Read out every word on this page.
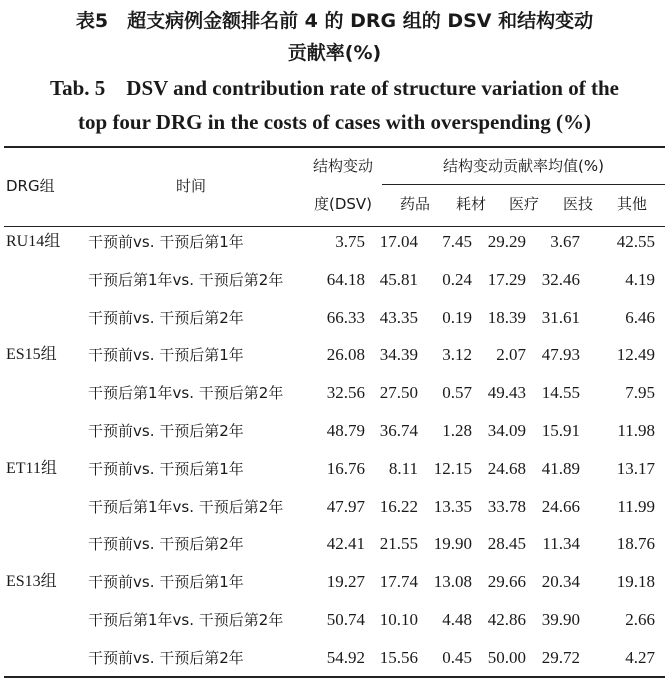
表5　超支病例金额排名前 4 的 DRG 组的 DSV 和结构变动
贡献率(%)
Tab. 5　DSV and contribution rate of structure variation of the
top four DRG in the costs of cases with overspending (%)
DRG组	时间
结构变动
度(DSV)
结构变动贡献率均值(%)
药品	耗材	医疗	医技	其他
RU14组 干预前vs. 干预后第1年	3.75 17.04	7.45 29.29	3.67	42.55
干预后第1年vs. 干预后第2年	64.18 45.81	0.24 17.29 32.46	4.19
干预前vs. 干预后第2年	66.33 43.35	0.19 18.39 31.61	6.46
ES15组 干预前vs. 干预后第1年	26.08 34.39	3.12	2.07 47.93	12.49
干预后第1年vs. 干预后第2年	32.56 27.50	0.57 49.43 14.55	7.95
干预前vs. 干预后第2年	48.79 36.74	1.28 34.09 15.91	11.98
ET11组 干预前vs. 干预后第1年	16.76	8.11 12.15 24.68 41.89	13.17
干预后第1年vs. 干预后第2年	47.97 16.22 13.35 33.78 24.66	11.99
干预前vs. 干预后第2年	42.41 21.55 19.90 28.45 11.34	18.76
ES13组 干预前vs. 干预后第1年	19.27 17.74 13.08 29.66 20.34	19.18
干预后第1年vs. 干预后第2年	50.74 10.10	4.48 42.86 39.90	2.66
干预前vs. 干预后第2年	54.92 15.56	0.45 50.00 29.72	4.27
